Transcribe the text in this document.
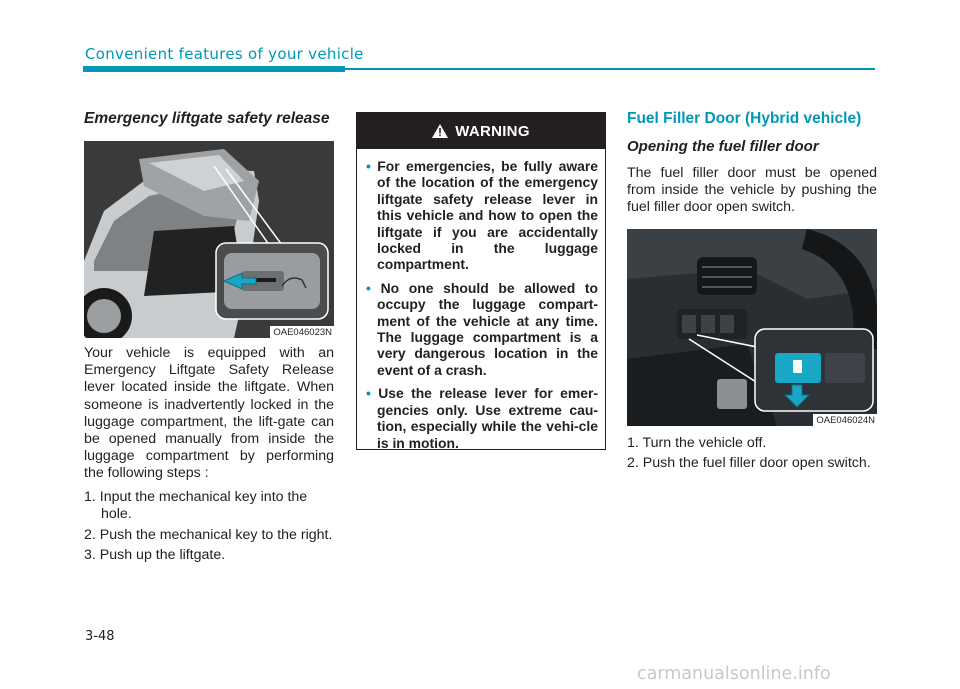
Convenient features of your vehicle
Emergency liftgate safety release
OAE046023N

Your vehicle is equipped with an Emergency Liftgate Safety Release lever located inside the liftgate. When someone is inadvertently locked in the luggage compartment, the lift-gate can be opened manually from inside the luggage compartment by performing the following steps :

1. Input the mechanical key into the hole.
2. Push the mechanical key to the right.
3. Push up the liftgate.
WARNING
• For emergencies, be fully aware of the location of the emergency liftgate safety release lever in this vehicle and how to open the liftgate if you are accidentally locked in the luggage compartment.
• No one should be allowed to occupy the luggage compart-ment of the vehicle at any time. The luggage compartment is a very dangerous location in the event of a crash.
• Use the release lever for emer-gencies only. Use extreme cau-tion, especially while the vehi-cle is in motion.
Fuel Filler Door (Hybrid vehicle)
Opening the fuel filler door

The fuel filler door must be opened from inside the vehicle by pushing the fuel filler door open switch.

OAE046024N
1. Turn the vehicle off.
2. Push the fuel filler door open switch.
3-48
carmanualsonline.info
